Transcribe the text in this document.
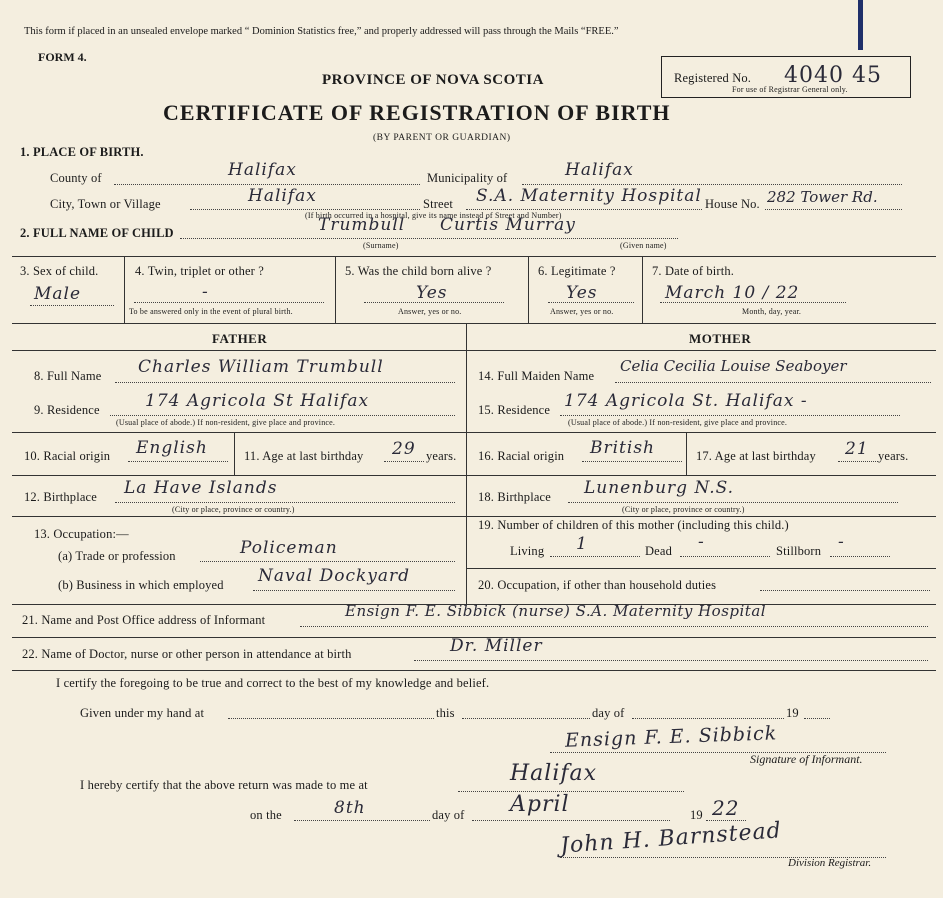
This form if placed in an unsealed envelope marked “ Dominion Statistics free,” and properly addressed will pass through the Mails “FREE.”
FORM 4.
PROVINCE OF NOVA SCOTIA
CERTIFICATE OF REGISTRATION OF BIRTH
(BY PARENT OR GUARDIAN)
Registered No.
For use of Registrar General only.
4040 45
1. PLACE OF BIRTH.
County of	Halifax	Municipality of	Halifax
City, Town or Village	Halifax	Street S.A. Maternity Hospital House No. 282 Tower Rd.
(If birth occurred in a hospital, give its name instead of Street and Number)
2. FULL NAME OF CHILD	Trumbull Curtis Murray
(Surname)	(Given name)
3. Sex of child.
Male
4. Twin, triplet or other ?
-
To be answered only in the event of plural birth.
5. Was the child born alive ?
Yes
Answer, yes or no.
6. Legitimate ?
Yes
Answer, yes or no.
7. Date of birth.
March 10 / 22
Month, day, year.
FATHER	MOTHER
8. Full Name Charles William Trumbull
9. Residence	174 Agricola St Halifax
(Usual place of abode.) If non-resident, give place and province.
10. Racial origin English	11. Age at last birthday 29 years.
12. Birthplace La Have Islands
(City or place, province or country.)
13. Occupation:—
(a) Trade or profession	Policeman
(b) Business in which employed Naval Dockyard
14. Full Maiden Name
Celia Cecilia Louise Seaboyer
15. Residence 174 Agricola St. Halifax -
(Usual place of abode.) If non-resident, give place and province.
16. Racial origin British	17. Age at last birthday 21 years.
18. Birthplace Lunenburg N.S.
(City or place, province or country.)
19. Number of children of this mother (including this child.)
Living 1	Dead -	Stillborn -
20. Occupation, if other than household duties
21. Name and Post Office address of Informant	Ensign F. E. Sibbick (nurse) S.A. Maternity Hospital
22. Name of Doctor, nurse or other person in attendance at birth	Dr. Miller
I certify the foregoing to be true and correct to the best of my knowledge and belief.
Given under my hand at	this	day of	19
Ensign F. E. Sibbick
Signature of Informant.
I hereby certify that the above return was made to me at	Halifax
on the	8th	day of April	19 22
John H. Barnstead
Division Registrar.
